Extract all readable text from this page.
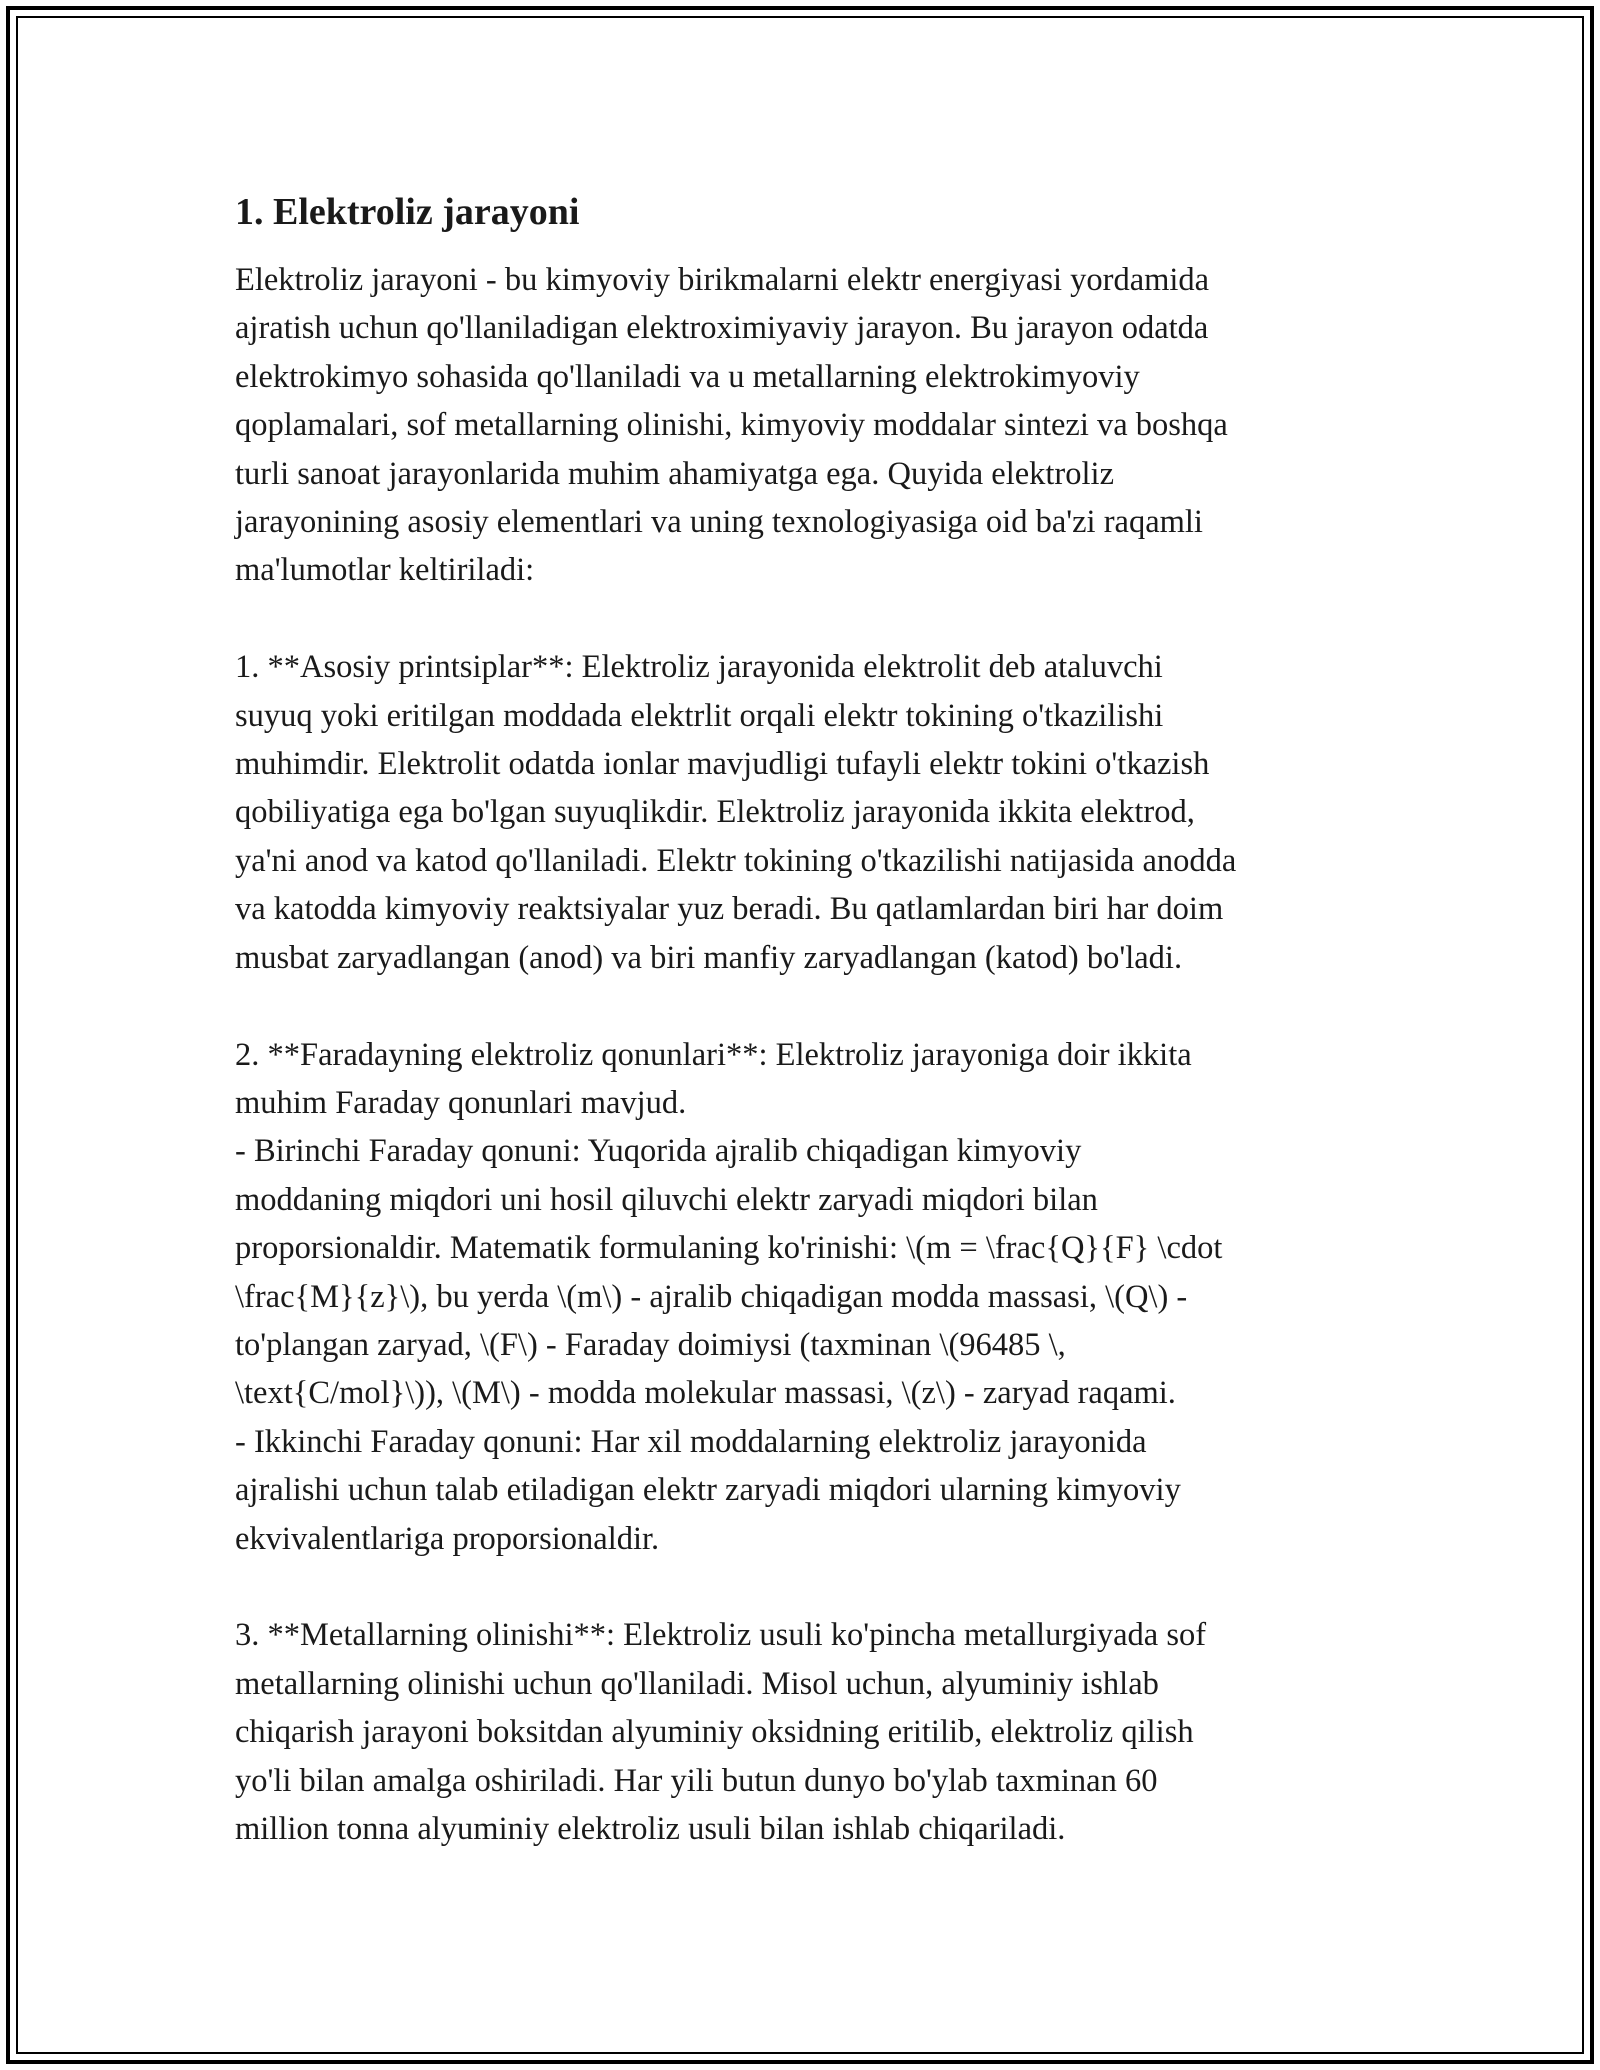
1. Elektroliz jarayoni

Elektroliz jarayoni - bu kimyoviy birikmalarni elektr energiyasi yordamida
ajratish uchun qo'llaniladigan elektroximiyaviy jarayon. Bu jarayon odatda
elektrokimyo sohasida qo'llaniladi va u metallarning elektrokimyoviy
qoplamalari, sof metallarning olinishi, kimyoviy moddalar sintezi va boshqa
turli sanoat jarayonlarida muhim ahamiyatga ega. Quyida elektroliz
jarayonining asosiy elementlari va uning texnologiyasiga oid ba'zi raqamli
ma'lumotlar keltiriladi:

1. **Asosiy printsiplar**: Elektroliz jarayonida elektrolit deb ataluvchi
suyuq yoki eritilgan moddada elektrlit orqali elektr tokining o'tkazilishi
muhimdir. Elektrolit odatda ionlar mavjudligi tufayli elektr tokini o'tkazish
qobiliyatiga ega bo'lgan suyuqlikdir. Elektroliz jarayonida ikkita elektrod,
ya'ni anod va katod qo'llaniladi. Elektr tokining o'tkazilishi natijasida anodda
va katodda kimyoviy reaktsiyalar yuz beradi. Bu qatlamlardan biri har doim
musbat zaryadlangan (anod) va biri manfiy zaryadlangan (katod) bo'ladi.

2. **Faradayning elektroliz qonunlari**: Elektroliz jarayoniga doir ikkita
muhim Faraday qonunlari mavjud.
- Birinchi Faraday qonuni: Yuqorida ajralib chiqadigan kimyoviy
moddaning miqdori uni hosil qiluvchi elektr zaryadi miqdori bilan
proporsionaldir. Matematik formulaning ko'rinishi: \(m = \frac{Q}{F} \cdot
\frac{M}{z}\), bu yerda \(m\) - ajralib chiqadigan modda massasi, \(Q\) -
to'plangan zaryad, \(F\) - Faraday doimiysi (taxminan \(96485 \,
\text{C/mol}\)), \(M\) - modda molekular massasi, \(z\) - zaryad raqami.
- Ikkinchi Faraday qonuni: Har xil moddalarning elektroliz jarayonida
ajralishi uchun talab etiladigan elektr zaryadi miqdori ularning kimyoviy
ekvivalentlariga proporsionaldir.

3. **Metallarning olinishi**: Elektroliz usuli ko'pincha metallurgiyada sof
metallarning olinishi uchun qo'llaniladi. Misol uchun, alyuminiy ishlab
chiqarish jarayoni boksitdan alyuminiy oksidning eritilib, elektroliz qilish
yo'li bilan amalga oshiriladi. Har yili butun dunyo bo'ylab taxminan 60
million tonna alyuminiy elektroliz usuli bilan ishlab chiqariladi.
